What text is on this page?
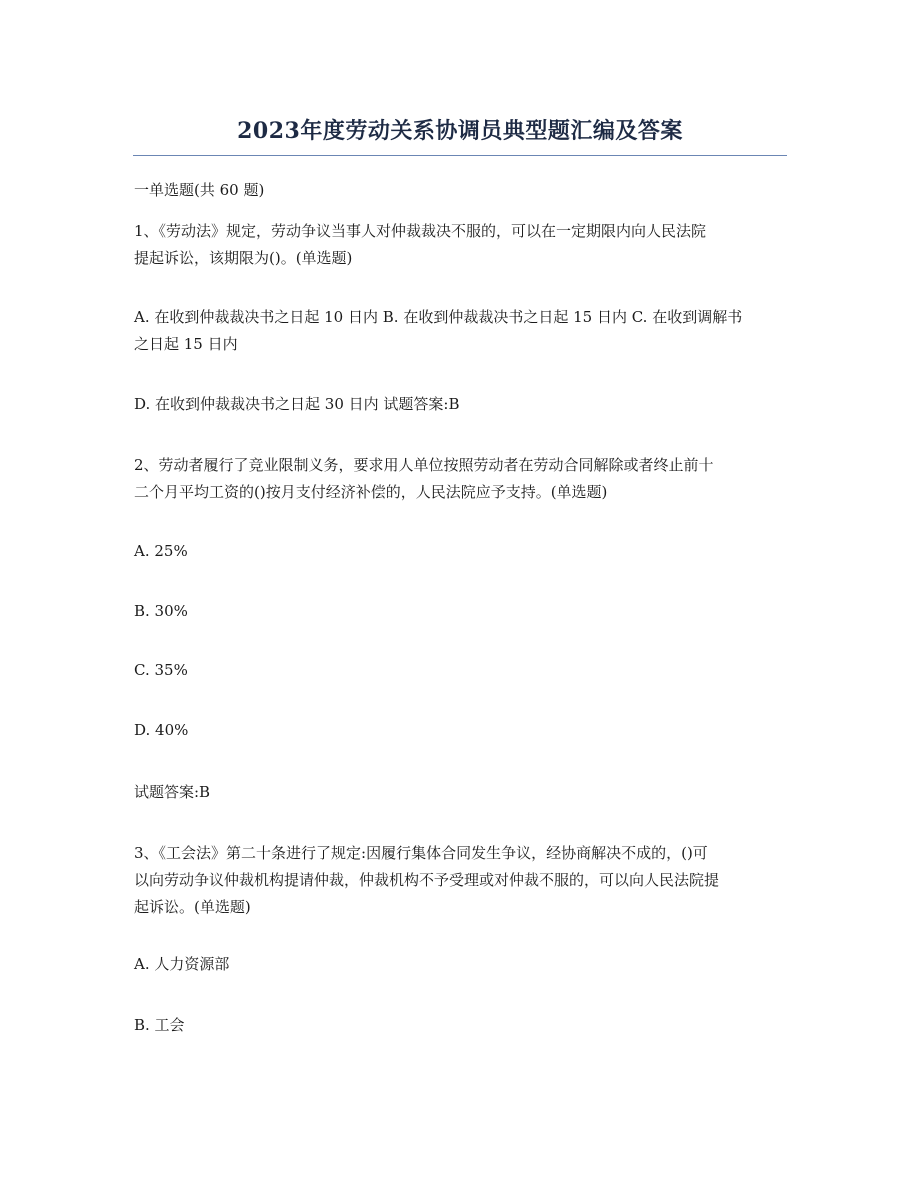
2023年度劳动关系协调员典型题汇编及答案
一单选题(共 60 题)
1、《劳动法》规定，劳动争议当事人对仲裁裁决不服的，可以在一定期限内向人民法院
提起诉讼，该期限为()。(单选题)
A. 在收到仲裁裁决书之日起 10 日内 B. 在收到仲裁裁决书之日起 15 日内 C. 在收到调解书
之日起 15 日内
D. 在收到仲裁裁决书之日起 30 日内 试题答案:B
2、劳动者履行了竞业限制义务，要求用人单位按照劳动者在劳动合同解除或者终止前十
二个月平均工资的()按月支付经济补偿的，人民法院应予支持。(单选题)
A. 25%
B. 30%
C. 35%
D. 40%
试题答案:B
3、《工会法》第二十条进行了规定:因履行集体合同发生争议，经协商解决不成的，()可
以向劳动争议仲裁机构提请仲裁，仲裁机构不予受理或对仲裁不服的，可以向人民法院提
起诉讼。(单选题)
A. 人力资源部
B. 工会
